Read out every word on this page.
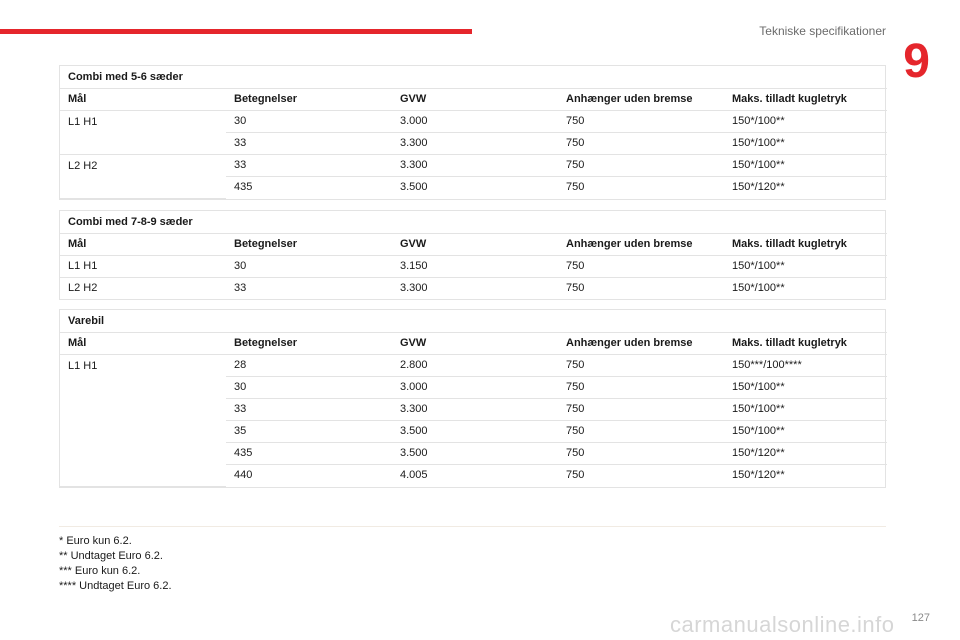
Tekniske specifikationer
9
Combi med 5-6 sæder				
Mål	Betegnelser	GVW	Anhænger uden bremse	Maks. tilladt kugletryk
L1 H1	30	3.000	750	150*/100**
	33	3.300	750	150*/100**
L2 H2	33	3.300	750	150*/100**
	435	3.500	750	150*/120**
Combi med 7-8-9 sæder				
Mål	Betegnelser	GVW	Anhænger uden bremse	Maks. tilladt kugletryk
L1 H1	30	3.150	750	150*/100**
L2 H2	33	3.300	750	150*/100**
Varebil				
Mål	Betegnelser	GVW	Anhænger uden bremse	Maks. tilladt kugletryk
L1 H1	28	2.800	750	150***/100****
	30	3.000	750	150*/100**
	33	3.300	750	150*/100**
	35	3.500	750	150*/100**
	435	3.500	750	150*/120**
	440	4.005	750	150*/120**
* Euro kun 6.2.
** Undtaget Euro 6.2.
*** Euro kun 6.2.
**** Undtaget Euro 6.2.
carmanualsonline.info 127
